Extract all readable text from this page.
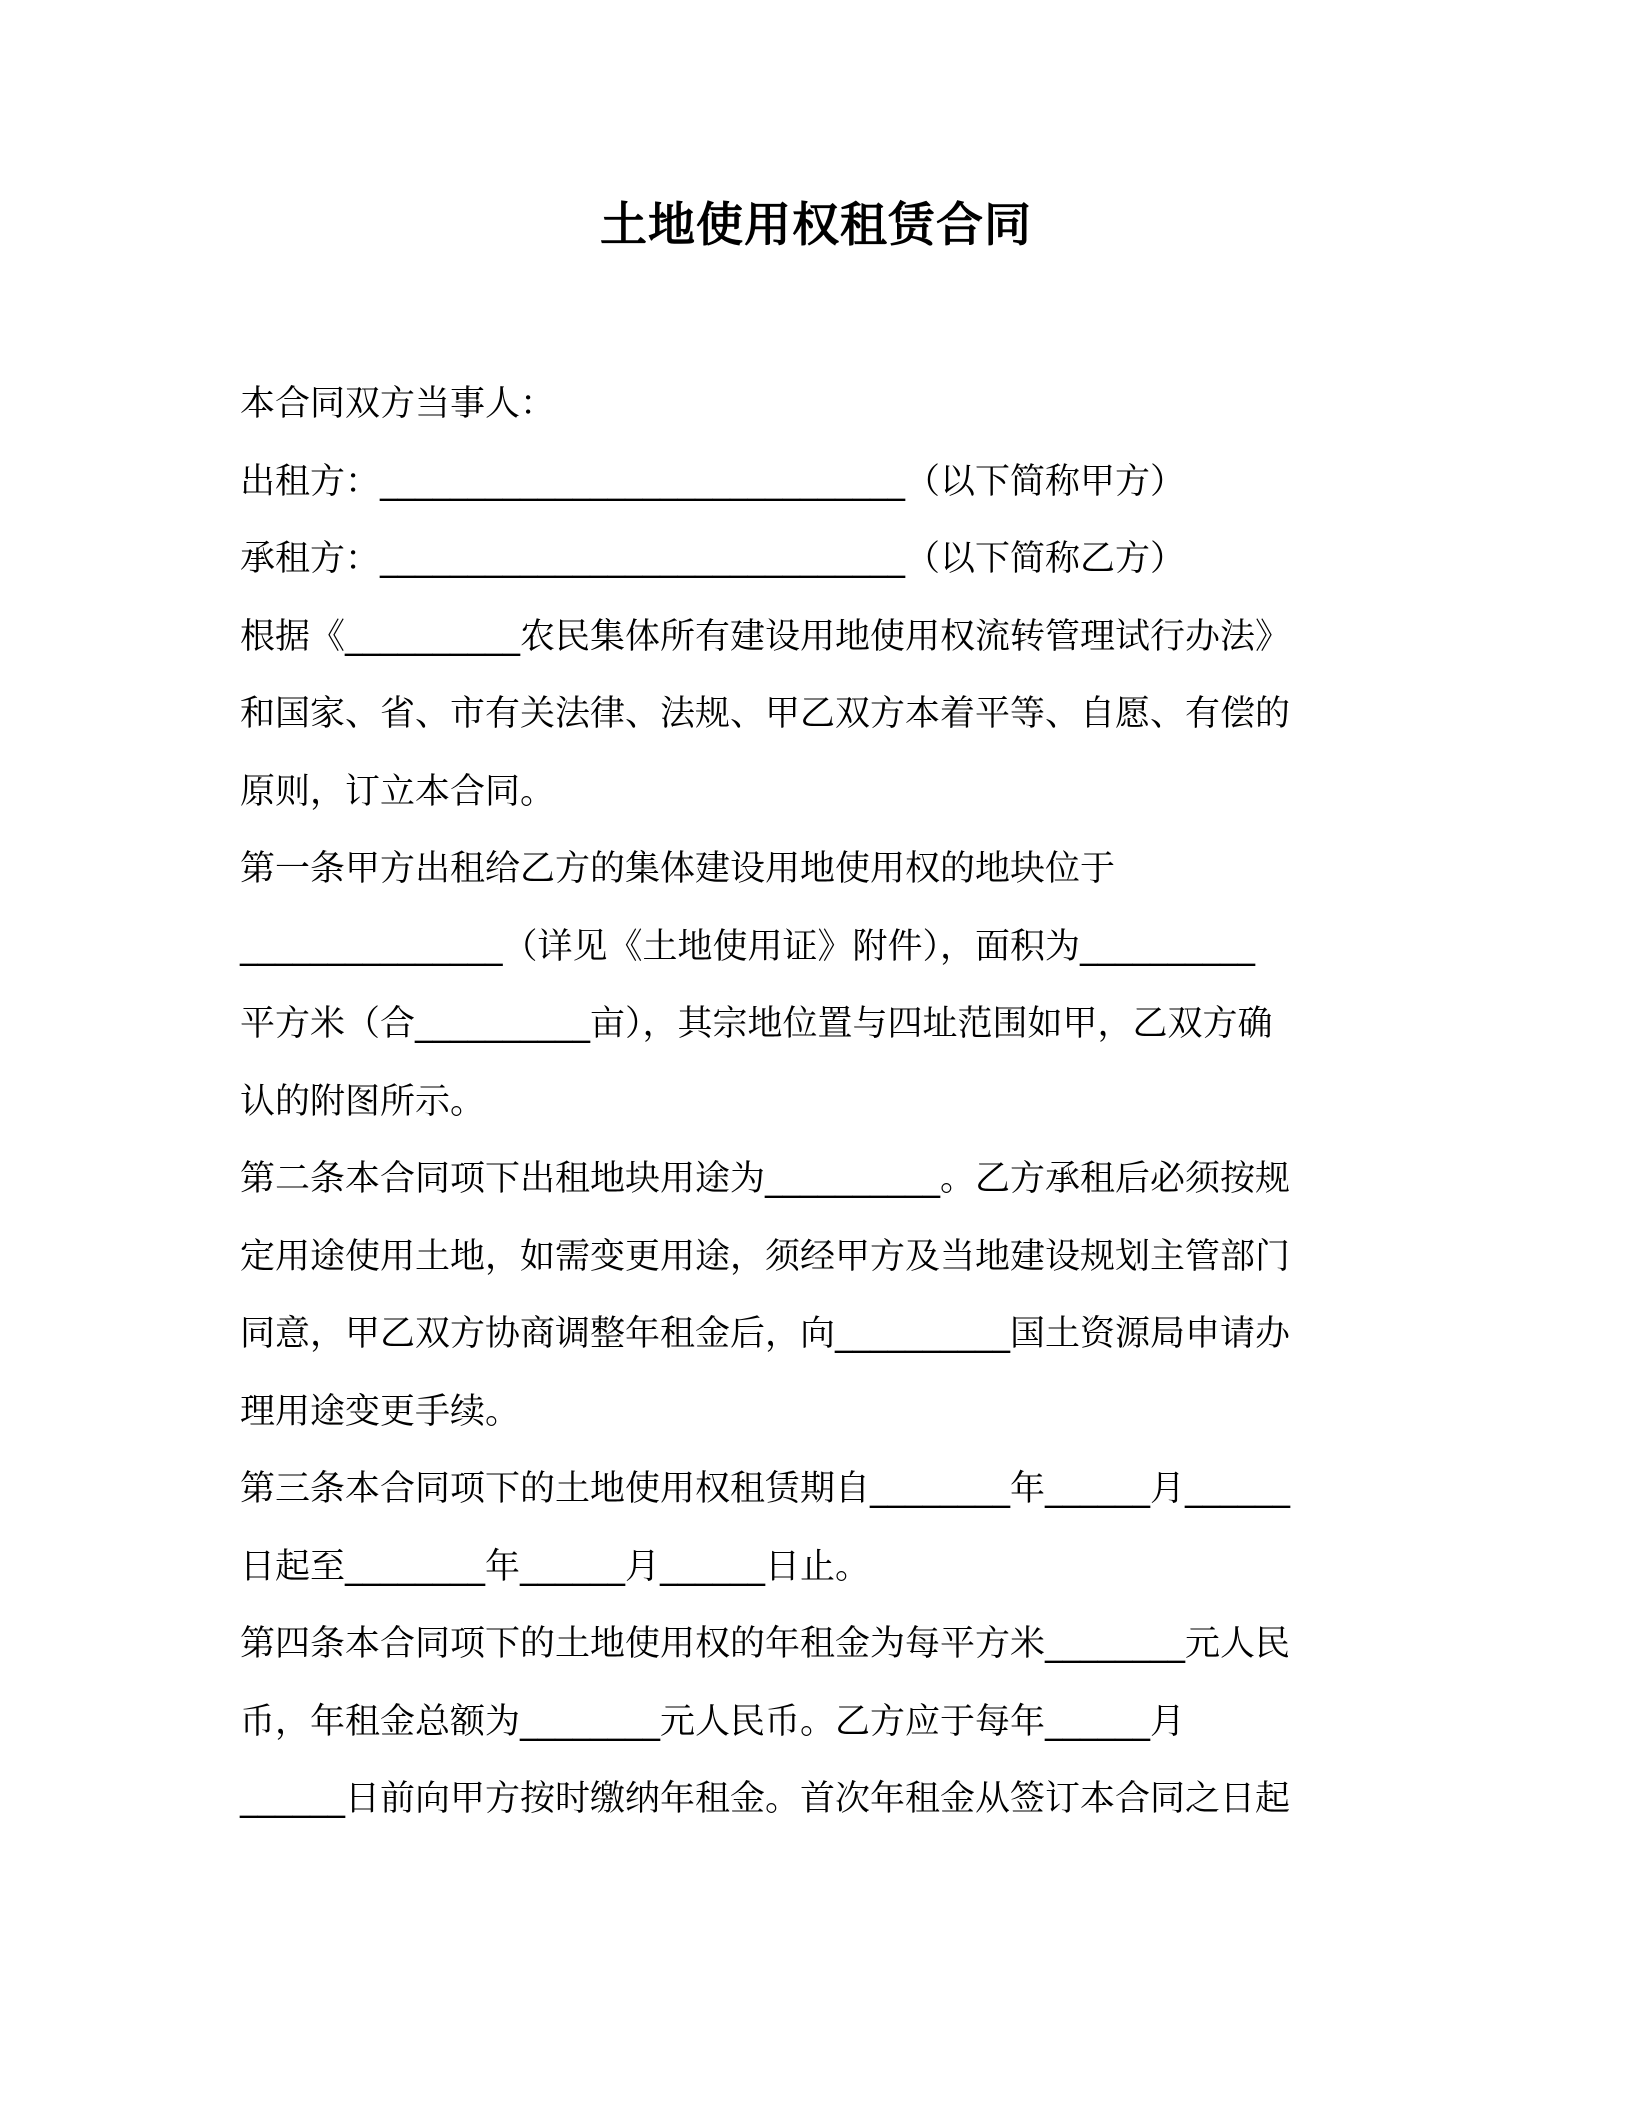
土地使用权租赁合同
本合同双方当事人：
出租方：______________________________（以下简称甲方）
承租方：______________________________（以下简称乙方）
根据《__________农民集体所有建设用地使用权流转管理试行办法》
和国家、省、市有关法律、法规、甲乙双方本着平等、自愿、有偿的
原则，订立本合同。
第一条甲方出租给乙方的集体建设用地使用权的地块位于
_______________（详见《土地使用证》附件），面积为__________
平方米（合__________亩），其宗地位置与四址范围如甲，乙双方确
认的附图所示。
第二条本合同项下出租地块用途为__________。乙方承租后必须按规
定用途使用土地，如需变更用途，须经甲方及当地建设规划主管部门
同意，甲乙双方协商调整年租金后，向__________国土资源局申请办
理用途变更手续。
第三条本合同项下的土地使用权租赁期自________年______月______
日起至________年______月______日止。
第四条本合同项下的土地使用权的年租金为每平方米________元人民
币，年租金总额为________元人民币。乙方应于每年______月
______日前向甲方按时缴纳年租金。首次年租金从签订本合同之日起
